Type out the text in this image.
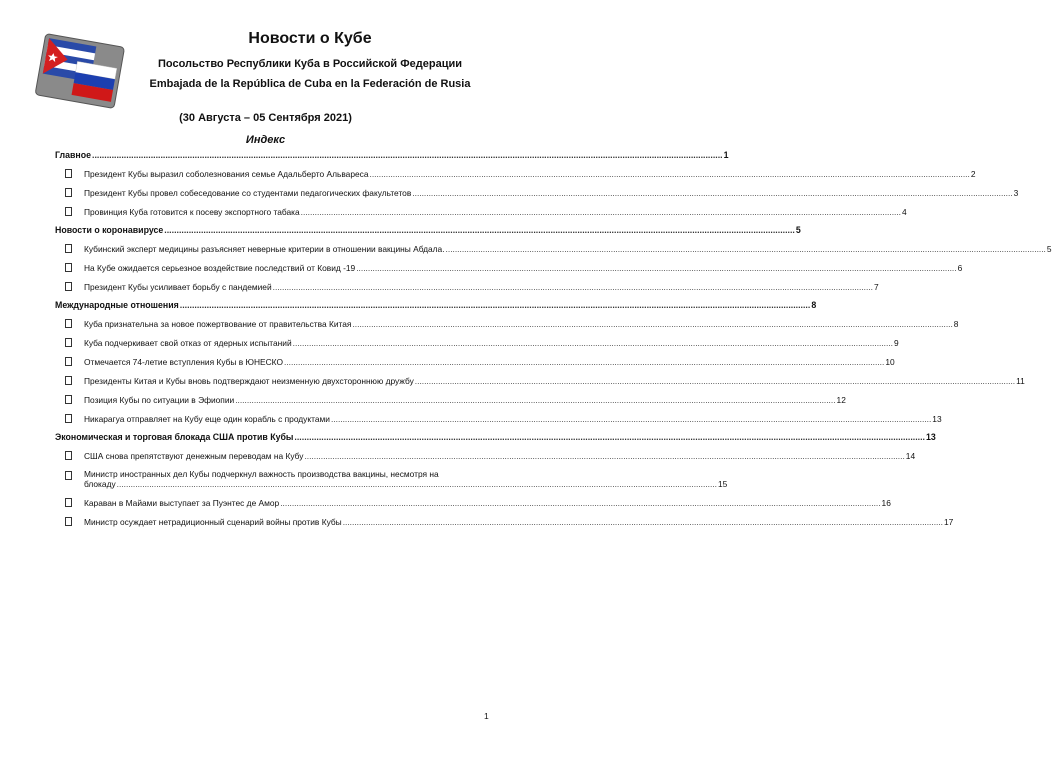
Новости о Кубе
Посольство Республики Куба в Российской Федерации
Embajada de la República de Cuba en la Federación de Rusia
(30 Августа – 05 Сентября 2021)
Индекс
Главное .....	1
Президент Кубы выразил соболезнования семье Адальберто Альвареса .....	2
Президент Кубы провел собеседование со студентами педагогических факультетов .....	3
Провинция Куба готовится к посеву экспортного табака .....	4
Новости о коронавирусе .....	5
Кубинский эксперт медицины разъясняет неверные критерии в отношении вакцины Абдала. .....	5
На Кубе ожидается серьезное воздействие последствий от Ковид -19 .....	6
Президент Кубы усиливает борьбу с пандемией .....	7
Международные отношения .....	8
Куба признательна за новое пожертвование от правительства Китая .....	8
Куба подчеркивает свой отказ от ядерных испытаний .....	9
Отмечается 74-летие вступления Кубы в ЮНЕСКО .....	10
Президенты Китая и Кубы вновь подтверждают неизменную двухстороннюю дружбу .....	11
Позиция Кубы по ситуации в Эфиопии .....	12
Никарагуа отправляет на Кубу еще один корабль с продуктами .....	13
Экономическая и торговая блокада США против Кубы .....	13
США снова препятствуют денежным переводам на Кубу .....	14
Министр иностранных дел Кубы подчеркнул важность производства вакцины, несмотря на
блокаду .....	15
Караван в Майами выступает за Пуэнтес де Амор .....	16
Министр осуждает нетрадиционный сценарий войны против Кубы .....	17
1
